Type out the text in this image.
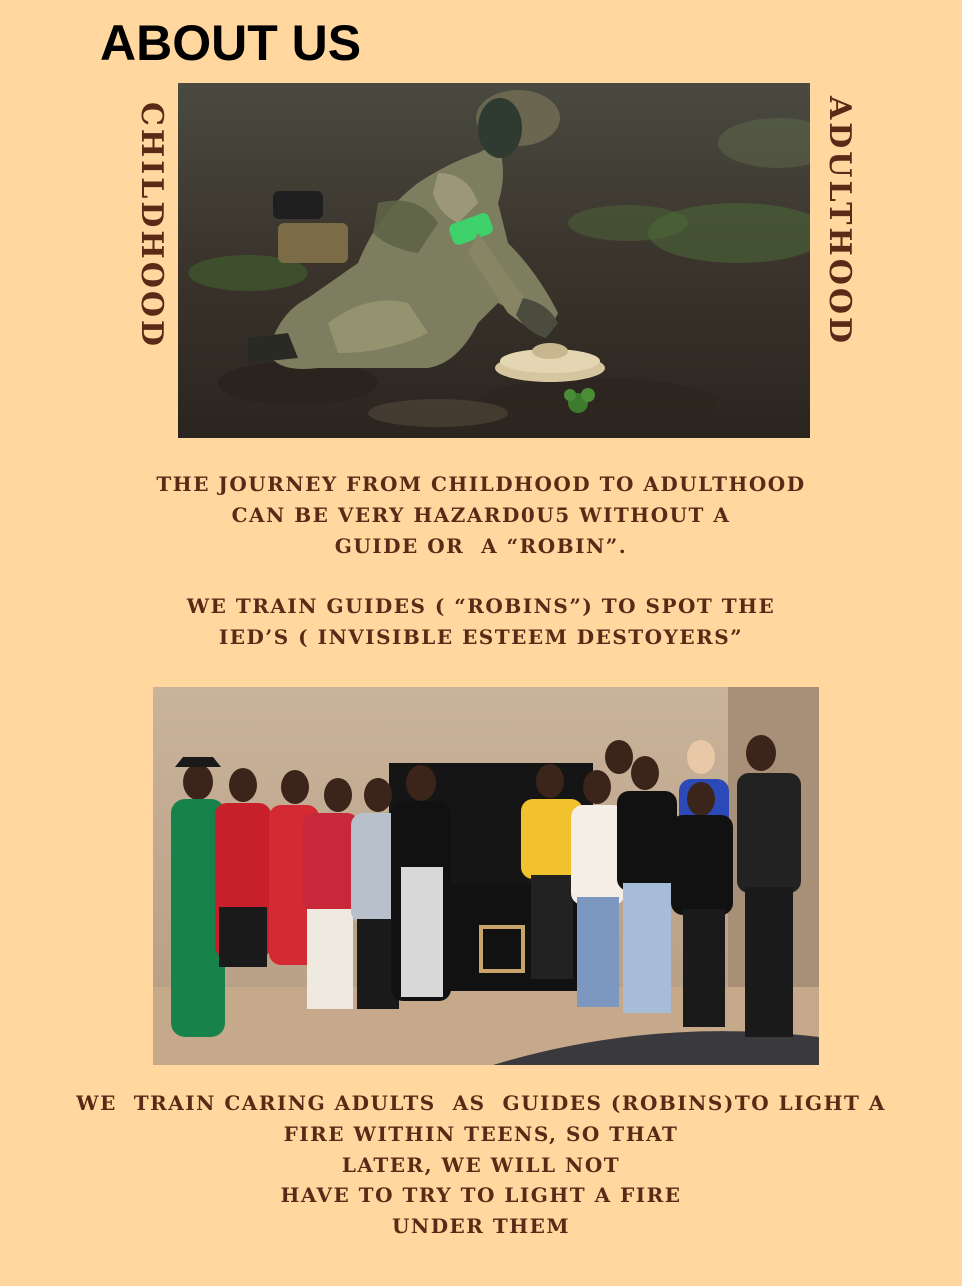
ABOUT US
CHILDHOOD	ADULTHOOD
THE JOURNEY FROM CHILDHOOD TO ADULTHOOD
CAN BE VERY HAZARD0U5 WITHOUT A
GUIDE OR  A “ROBIN”.
WE TRAIN GUIDES ( “ROBINS”) TO SPOT THE
IED’S ( INVISIBLE ESTEEM DESTOYERS”
WE  TRAIN CARING ADULTS  AS  GUIDES (ROBINS)TO LIGHT A
FIRE WITHIN TEENS, SO THAT
LATER, WE WILL NOT
HAVE TO TRY TO LIGHT A FIRE
UNDER THEM
